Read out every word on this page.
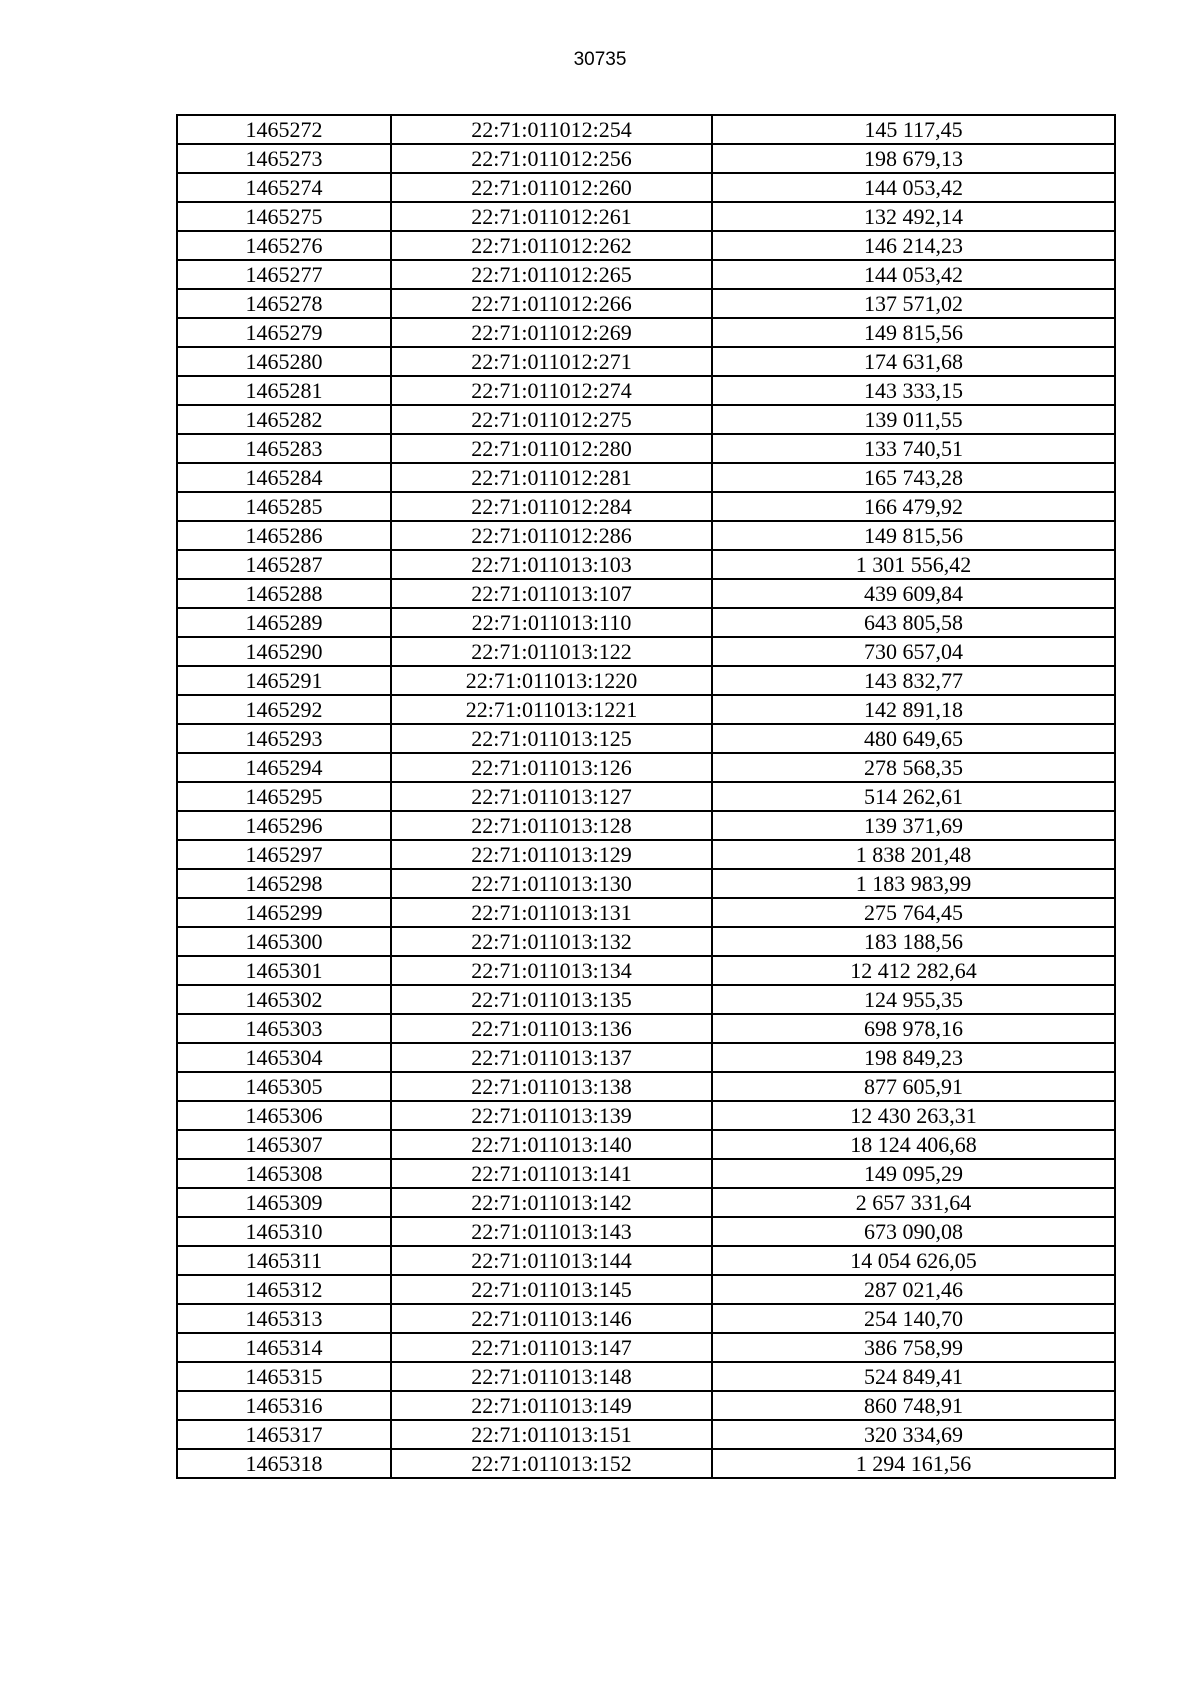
30735
1465272	22:71:011012:254	145 117,45
1465273	22:71:011012:256	198 679,13
1465274	22:71:011012:260	144 053,42
1465275	22:71:011012:261	132 492,14
1465276	22:71:011012:262	146 214,23
1465277	22:71:011012:265	144 053,42
1465278	22:71:011012:266	137 571,02
1465279	22:71:011012:269	149 815,56
1465280	22:71:011012:271	174 631,68
1465281	22:71:011012:274	143 333,15
1465282	22:71:011012:275	139 011,55
1465283	22:71:011012:280	133 740,51
1465284	22:71:011012:281	165 743,28
1465285	22:71:011012:284	166 479,92
1465286	22:71:011012:286	149 815,56
1465287	22:71:011013:103	1 301 556,42
1465288	22:71:011013:107	439 609,84
1465289	22:71:011013:110	643 805,58
1465290	22:71:011013:122	730 657,04
1465291	22:71:011013:1220	143 832,77
1465292	22:71:011013:1221	142 891,18
1465293	22:71:011013:125	480 649,65
1465294	22:71:011013:126	278 568,35
1465295	22:71:011013:127	514 262,61
1465296	22:71:011013:128	139 371,69
1465297	22:71:011013:129	1 838 201,48
1465298	22:71:011013:130	1 183 983,99
1465299	22:71:011013:131	275 764,45
1465300	22:71:011013:132	183 188,56
1465301	22:71:011013:134	12 412 282,64
1465302	22:71:011013:135	124 955,35
1465303	22:71:011013:136	698 978,16
1465304	22:71:011013:137	198 849,23
1465305	22:71:011013:138	877 605,91
1465306	22:71:011013:139	12 430 263,31
1465307	22:71:011013:140	18 124 406,68
1465308	22:71:011013:141	149 095,29
1465309	22:71:011013:142	2 657 331,64
1465310	22:71:011013:143	673 090,08
1465311	22:71:011013:144	14 054 626,05
1465312	22:71:011013:145	287 021,46
1465313	22:71:011013:146	254 140,70
1465314	22:71:011013:147	386 758,99
1465315	22:71:011013:148	524 849,41
1465316	22:71:011013:149	860 748,91
1465317	22:71:011013:151	320 334,69
1465318	22:71:011013:152	1 294 161,56
